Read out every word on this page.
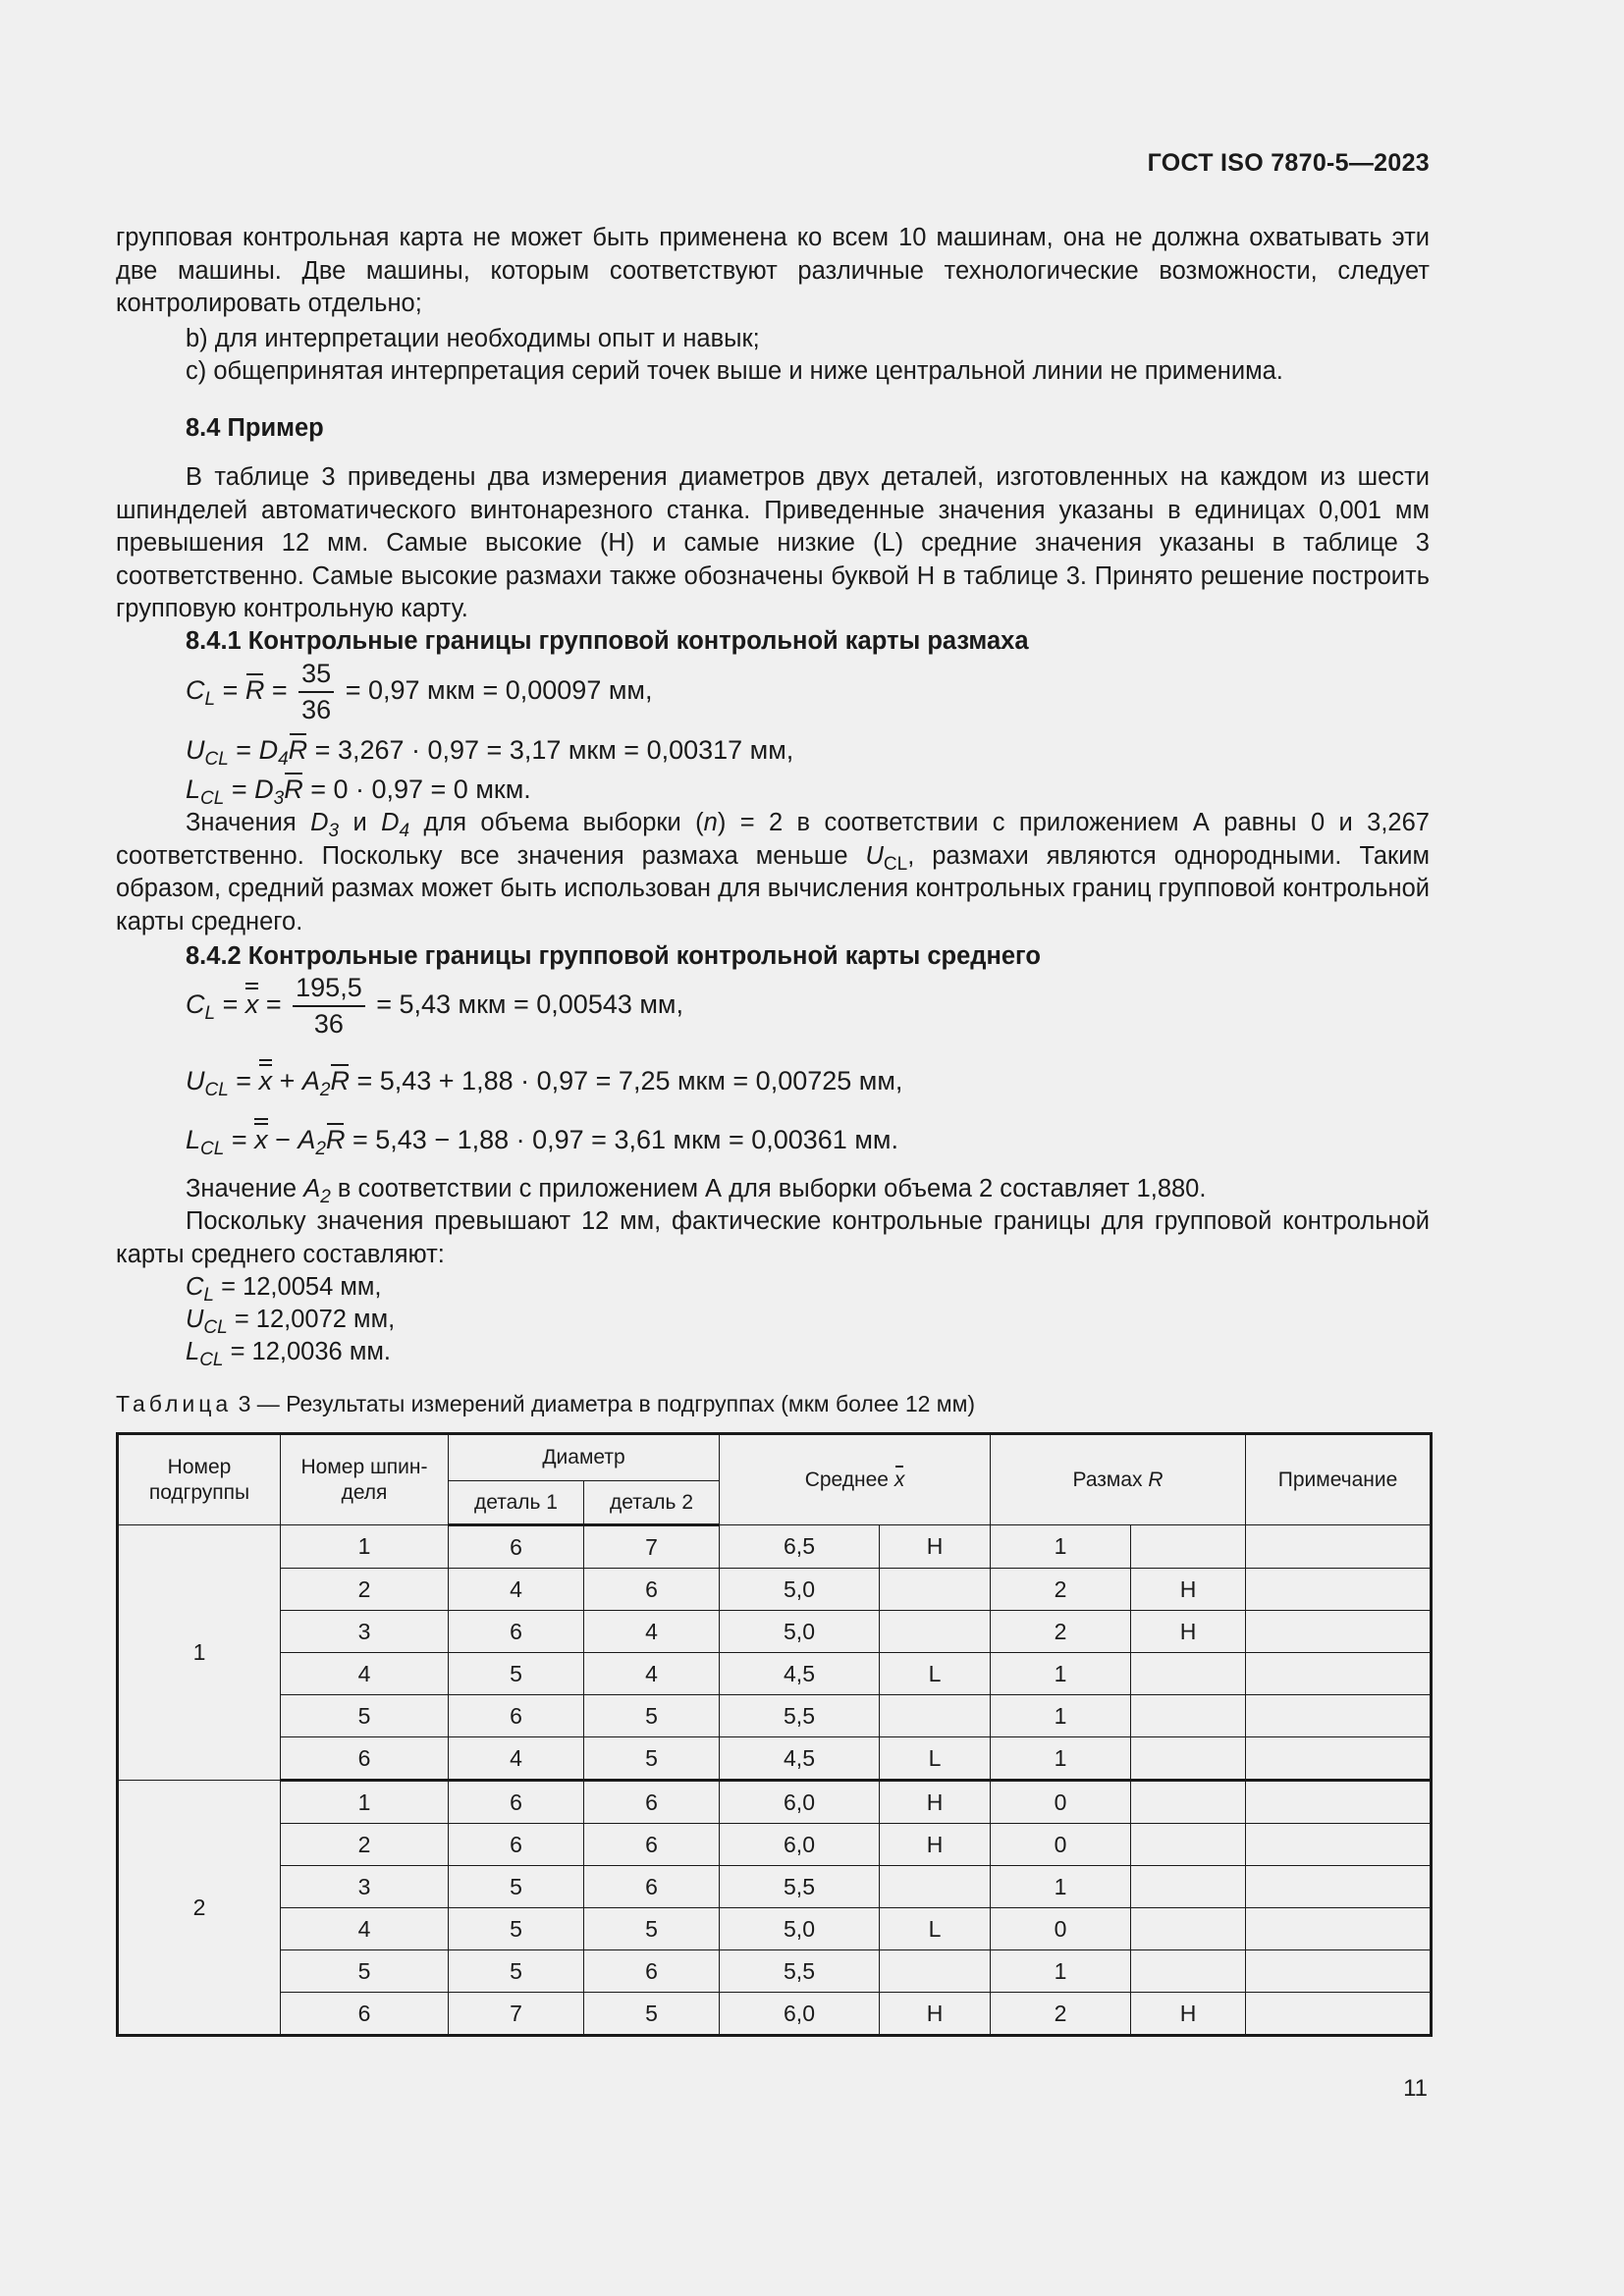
ГОСТ ISO 7870-5—2023
групповая контрольная карта не может быть применена ко всем 10 машинам, она не должна охватывать эти две машины. Две машины, которым соответствуют различные технологические возможности, следует контролировать отдельно;
b) для интерпретации необходимы опыт и навык;
c) общепринятая интерпретация серий точек выше и ниже центральной линии не применима.
8.4 Пример
В таблице 3 приведены два измерения диаметров двух деталей, изготовленных на каждом из шести шпинделей автоматического винтонарезного станка. Приведенные значения указаны в единицах 0,001 мм превышения 12 мм. Самые высокие (H) и самые низкие (L) средние значения указаны в таблице 3 соответственно. Самые высокие размахи также обозначены буквой H в таблице 3. Принято решение построить групповую контрольную карту.
8.4.1 Контрольные границы групповой контрольной карты размаха
$C_L = R = \frac{35}{36} = 0,97$ мкм = 0,00097 мм,
$U_{CL} = D_4R = 3,267 \cdot 0,97 = 3,17$ мкм = 0,00317 мм,
$L_{CL} = D_3R = 0 \cdot 0,97 = 0$ мкм.
Значения $D_3$ и $D_4$ для объема выборки (n) = 2 в соответствии с приложением А равны 0 и 3,267 соответственно. Поскольку все значения размаха меньше $U_{CL}$, размахи являются однородными. Таким образом, средний размах может быть использован для вычисления контрольных границ групповой контрольной карты среднего.
8.4.2 Контрольные границы групповой контрольной карты среднего
$C_L = x = \frac{195,5}{36} = 5,43$ мкм = 0,00543 мм,
$U_{CL} = x + A_2R = 5,43 + 1,88 \cdot 0,97 = 7,25$ мкм = 0,00725 мм,
$L_{CL} = x - A_2R = 5,43 - 1,88 \cdot 0,97 = 3,61$ мкм = 0,00361 мм.
Значение $A_2$ в соответствии с приложением А для выборки объема 2 составляет 1,880.
Поскольку значения превышают 12 мм, фактические контрольные границы для групповой контрольной карты среднего составляют:
$C_L = 12,0054$ мм,
$U_{CL} = 12,0072$ мм,
$L_{CL} = 12,0036$ мм.
Таблица 3 — Результаты измерений диаметра в подгруппах (мкм более 12 мм)
Номер подгруппы	Номер шпин-деля	Диаметр		Среднее x		Размах R		Примечание
		деталь 1	деталь 2					
1	1	6	7	6,5	H	1		
	2	4	6	5,0		2	H	
	3	6	4	5,0		2	H	
	4	5	4	4,5	L	1		
	5	6	5	5,5		1		
	6	4	5	4,5	L	1		
2	1	6	6	6,0	H	0		
	2	6	6	6,0	H	0		
	3	5	6	5,5		1		
	4	5	5	5,0	L	0		
	5	5	6	5,5		1		
	6	7	5	6,0	H	2	H	
11
